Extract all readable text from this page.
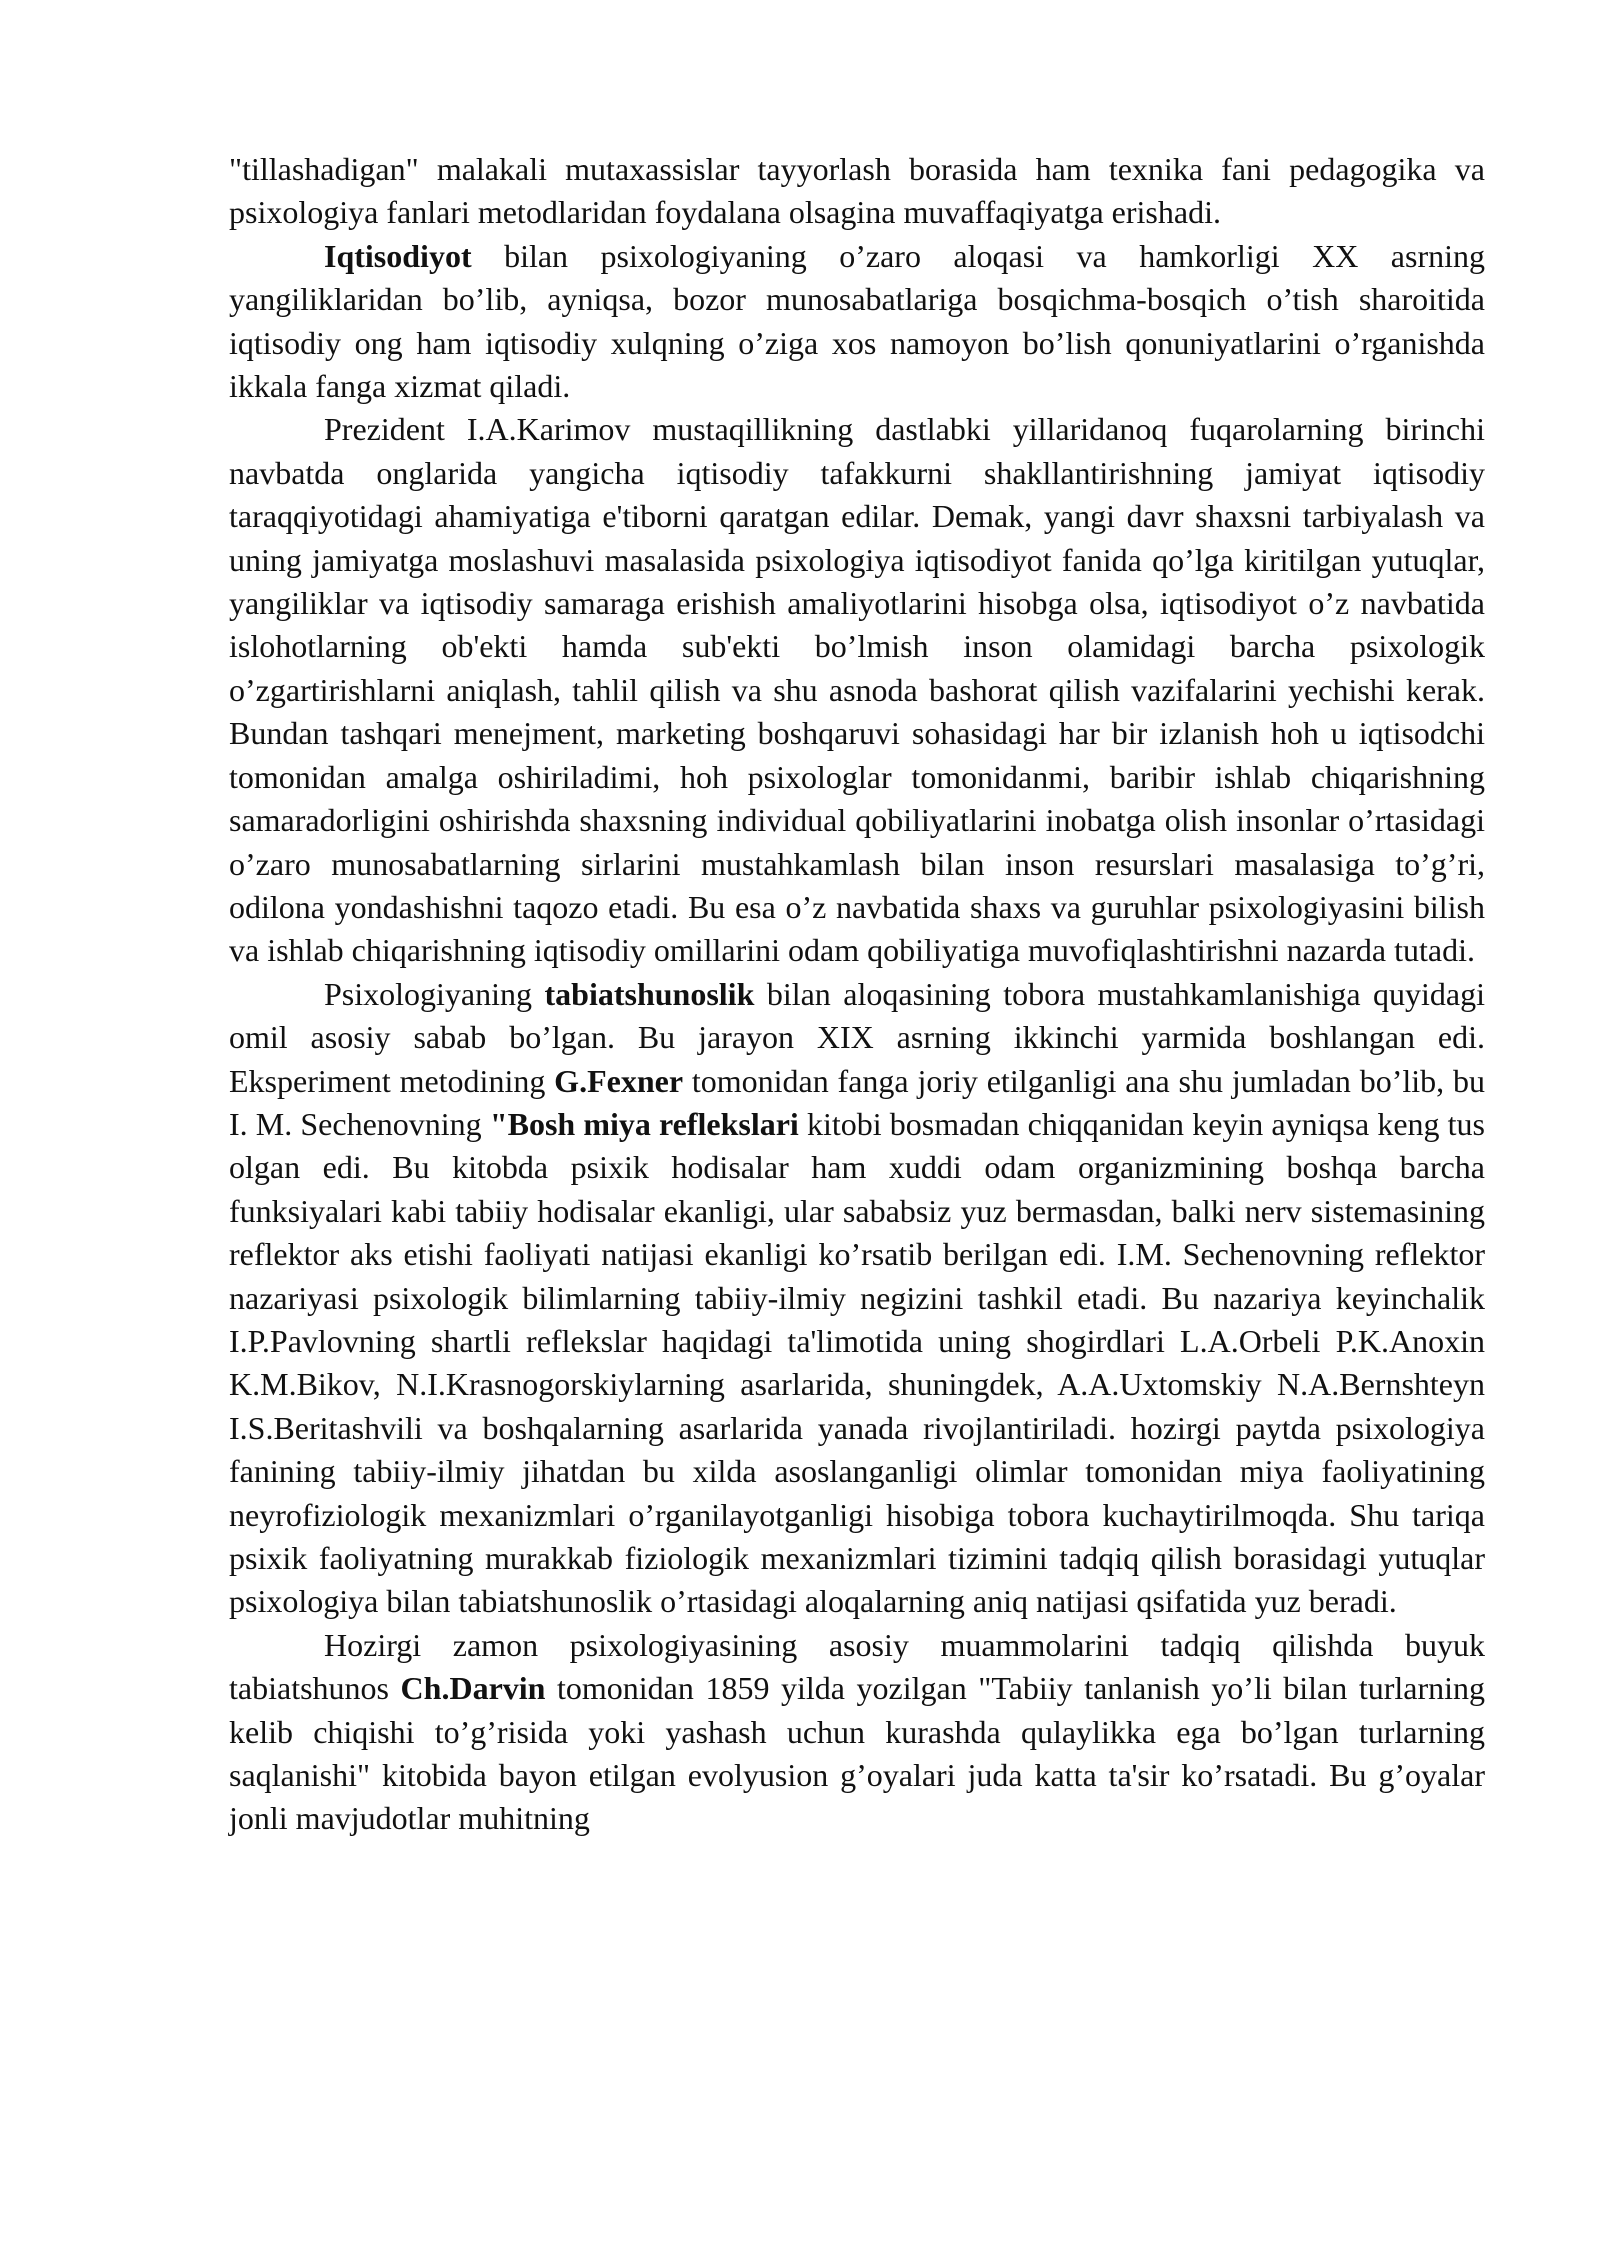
"tillashadigan" malakali mutaxassislar tayyorlash borasida ham texnika fani pedagogika va psixologiya fanlari metodlaridan foydalana olsagina muvaffaqiyatga erishadi.

Iqtisodiyot bilan psixologiyaning o’zaro aloqasi va hamkorligi XX asrning yangiliklaridan bo’lib, ayniqsa, bozor munosabatlariga bosqichma-bosqich o’tish sharoitida iqtisodiy ong ham iqtisodiy xulqning o’ziga xos namoyon bo’lish qonuniyatlarini o’rganishda ikkala fanga xizmat qiladi.

Prezident I.A.Karimov mustaqillikning dastlabki yillaridanoq fuqarolarning birinchi navbatda onglarida yangicha iqtisodiy tafakkurni shakllantirishning jamiyat iqtisodiy taraqqiyotidagi ahamiyatiga e'tiborni qaratgan edilar. Demak, yangi davr shaxsni tarbiyalash va uning jamiyatga moslashuvi masalasida psixologiya iqtisodiyot fanida qo’lga kiritilgan yutuqlar, yangiliklar va iqtisodiy samaraga erishish amaliyotlarini hisobga olsa, iqtisodiyot o’z navbatida islohotlarning ob'ekti hamda sub'ekti bo’lmish inson olamidagi barcha psixologik o’zgartirishlarni aniqlash, tahlil qilish va shu asnoda bashorat qilish vazifalarini yechishi kerak. Bundan tashqari menejment, marketing boshqaruvi sohasidagi har bir izlanish hoh u iqtisodchi tomonidan amalga oshiriladimi, hoh psixologlar tomonidanmi, baribir ishlab chiqarishning samaradorligini oshirishda shaxsning individual qobiliyatlarini inobatga olish insonlar o’rtasidagi o’zaro munosabatlarning sirlarini mustahkamlash bilan inson resurslari masalasiga to’g’ri, odilona yondashishni taqozo etadi. Bu esa o’z navbatida shaxs va guruhlar psixologiyasini bilish va ishlab chiqarishning iqtisodiy omillarini odam qobiliyatiga muvofiqlashtirishni nazarda tutadi.

Psixologiyaning tabiatshunoslik bilan aloqasining tobora mustahkamlanishiga quyidagi omil asosiy sabab bo’lgan. Bu jarayon XIX asrning ikkinchi yarmida boshlangan edi. Eksperiment metodining G.Fexner tomonidan fanga joriy etilganligi ana shu jumladan bo’lib, bu I. M. Sechenovning "Bosh miya reflekslari kitobi bosmadan chiqqanidan keyin ayniqsa keng tus olgan edi. Bu kitobda psixik hodisalar ham xuddi odam organizmining boshqa barcha funksiyalari kabi tabiiy hodisalar ekanligi, ular sababsiz yuz bermasdan, balki nerv sistemasining reflektor aks etishi faoliyati natijasi ekanligi ko’rsatib berilgan edi. I.M. Sechenovning reflektor nazariyasi psixologik bilimlarning tabiiy-ilmiy negizini tashkil etadi. Bu nazariya keyinchalik I.P.Pavlovning shartli reflekslar haqidagi ta'limotida uning shogirdlari L.A.Orbeli P.K.Anoxin K.M.Bikov, N.I.Krasnogorskiylarning asarlarida, shuningdek, A.A.Uxtomskiy N.A.Bernshteyn I.S.Beritashvili va boshqalarning asarlarida yanada rivojlantiriladi. hozirgi paytda psixologiya fanining tabiiy-ilmiy jihatdan bu xilda asoslanganligi olimlar tomonidan miya faoliyatining neyrofiziologik mexanizmlari o’rganilayotganligi hisobiga tobora kuchaytirilmoqda. Shu tariqa psixik faoliyatning murakkab fiziologik mexanizmlari tizimini tadqiq qilish borasidagi yutuqlar psixologiya bilan tabiatshunoslik o’rtasidagi aloqalarning aniq natijasi qsifatida yuz beradi.

Hozirgi zamon psixologiyasining asosiy muammolarini tadqiq qilishda buyuk tabiatshunos Ch.Darvin tomonidan 1859 yilda yozilgan "Tabiiy tanlanish yo’li bilan turlarning kelib chiqishi to’g’risida yoki yashash uchun kurashda qulaylikka ega bo’lgan turlarning saqlanishi" kitobida bayon etilgan evolyusion g’oyalari juda katta ta'sir ko’rsatadi. Bu g’oyalar jonli mavjudotlar muhitning
